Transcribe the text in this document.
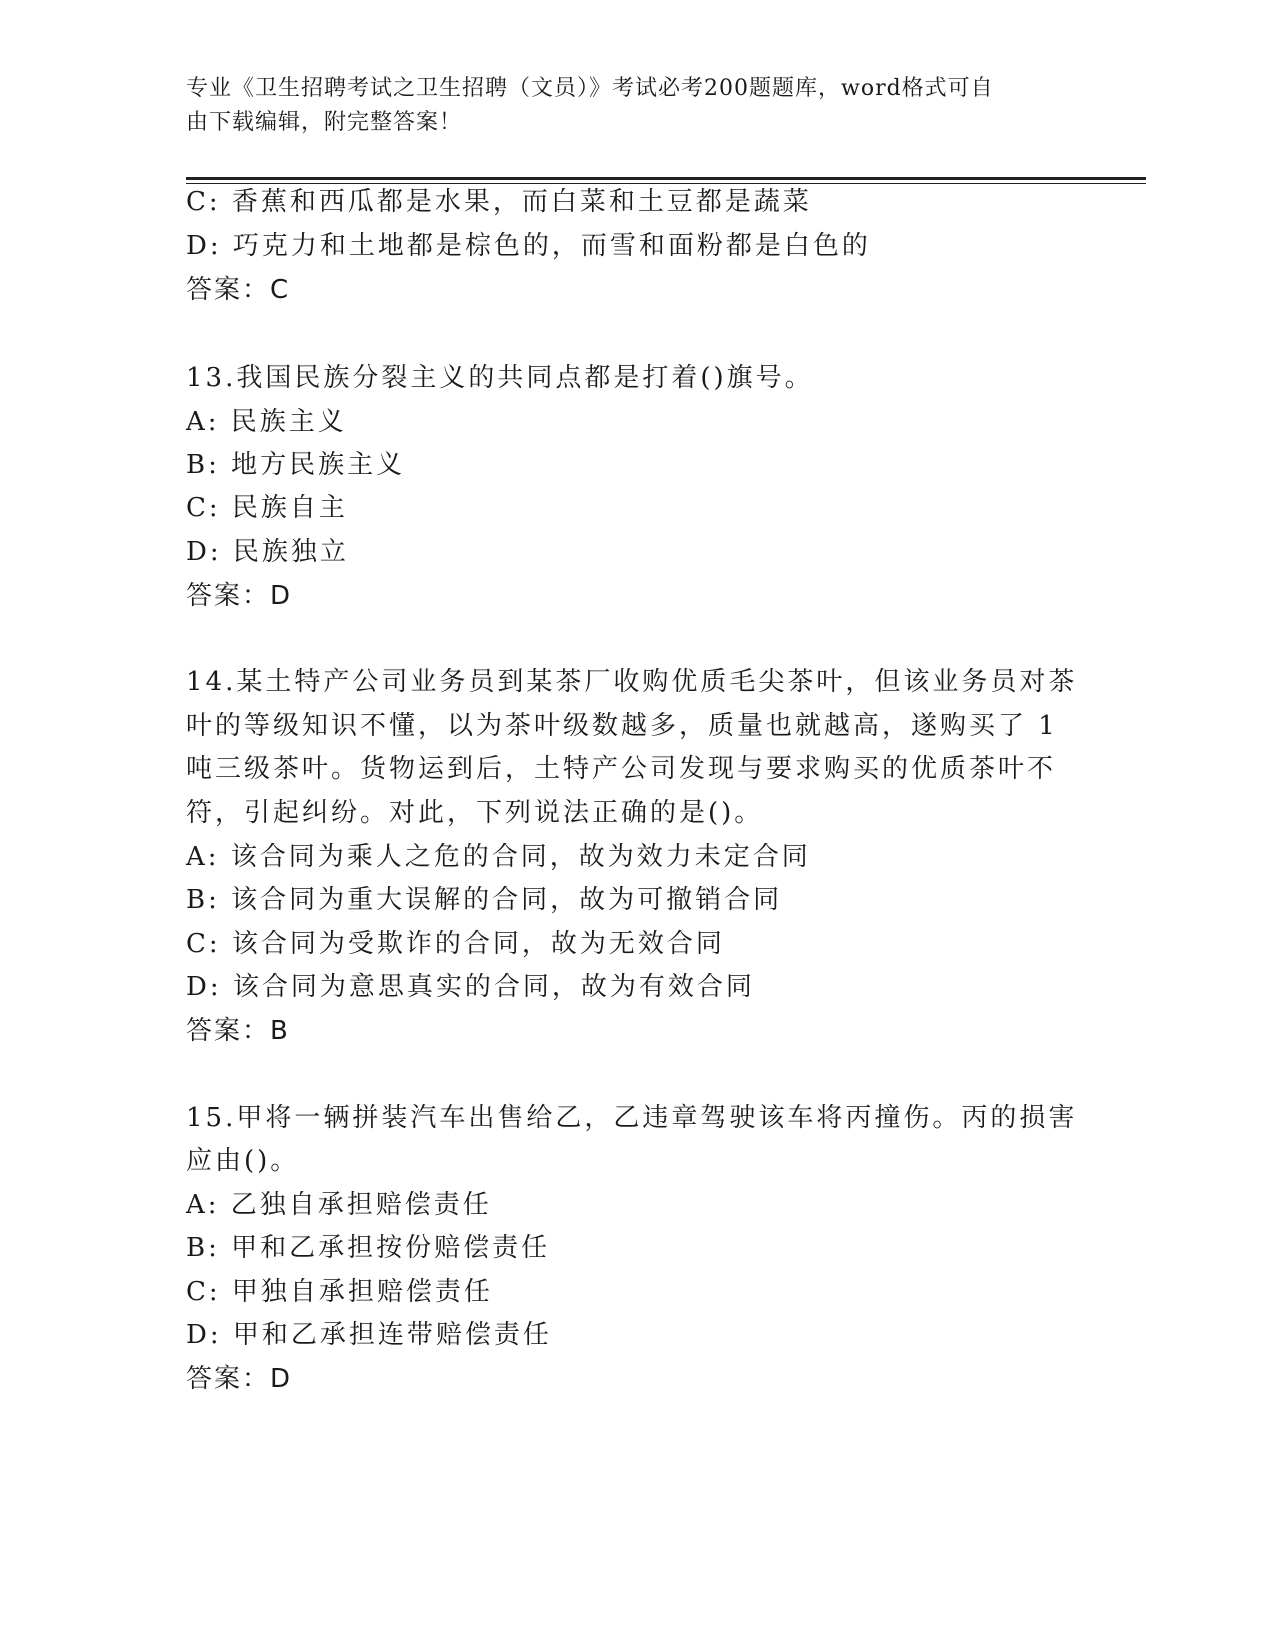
专业《卫生招聘考试之卫生招聘（文员）》考试必考200题题库，word格式可自
由下载编辑，附完整答案！
C: 香蕉和西瓜都是水果，而白菜和土豆都是蔬菜
D: 巧克力和土地都是棕色的，而雪和面粉都是白色的
答案：C
13.我国民族分裂主义的共同点都是打着()旗号。
A: 民族主义
B: 地方民族主义
C: 民族自主
D: 民族独立
答案：D
14.某土特产公司业务员到某茶厂收购优质毛尖茶叶，但该业务员对茶
叶的等级知识不懂，以为茶叶级数越多，质量也就越高，遂购买了 1
吨三级茶叶。货物运到后，土特产公司发现与要求购买的优质茶叶不
符，引起纠纷。对此，下列说法正确的是()。
A: 该合同为乘人之危的合同，故为效力未定合同
B: 该合同为重大误解的合同，故为可撤销合同
C: 该合同为受欺诈的合同，故为无效合同
D: 该合同为意思真实的合同，故为有效合同
答案：B
15.甲将一辆拼装汽车出售给乙，乙违章驾驶该车将丙撞伤。丙的损害
应由()。
A: 乙独自承担赔偿责任
B: 甲和乙承担按份赔偿责任
C: 甲独自承担赔偿责任
D: 甲和乙承担连带赔偿责任
答案：D
